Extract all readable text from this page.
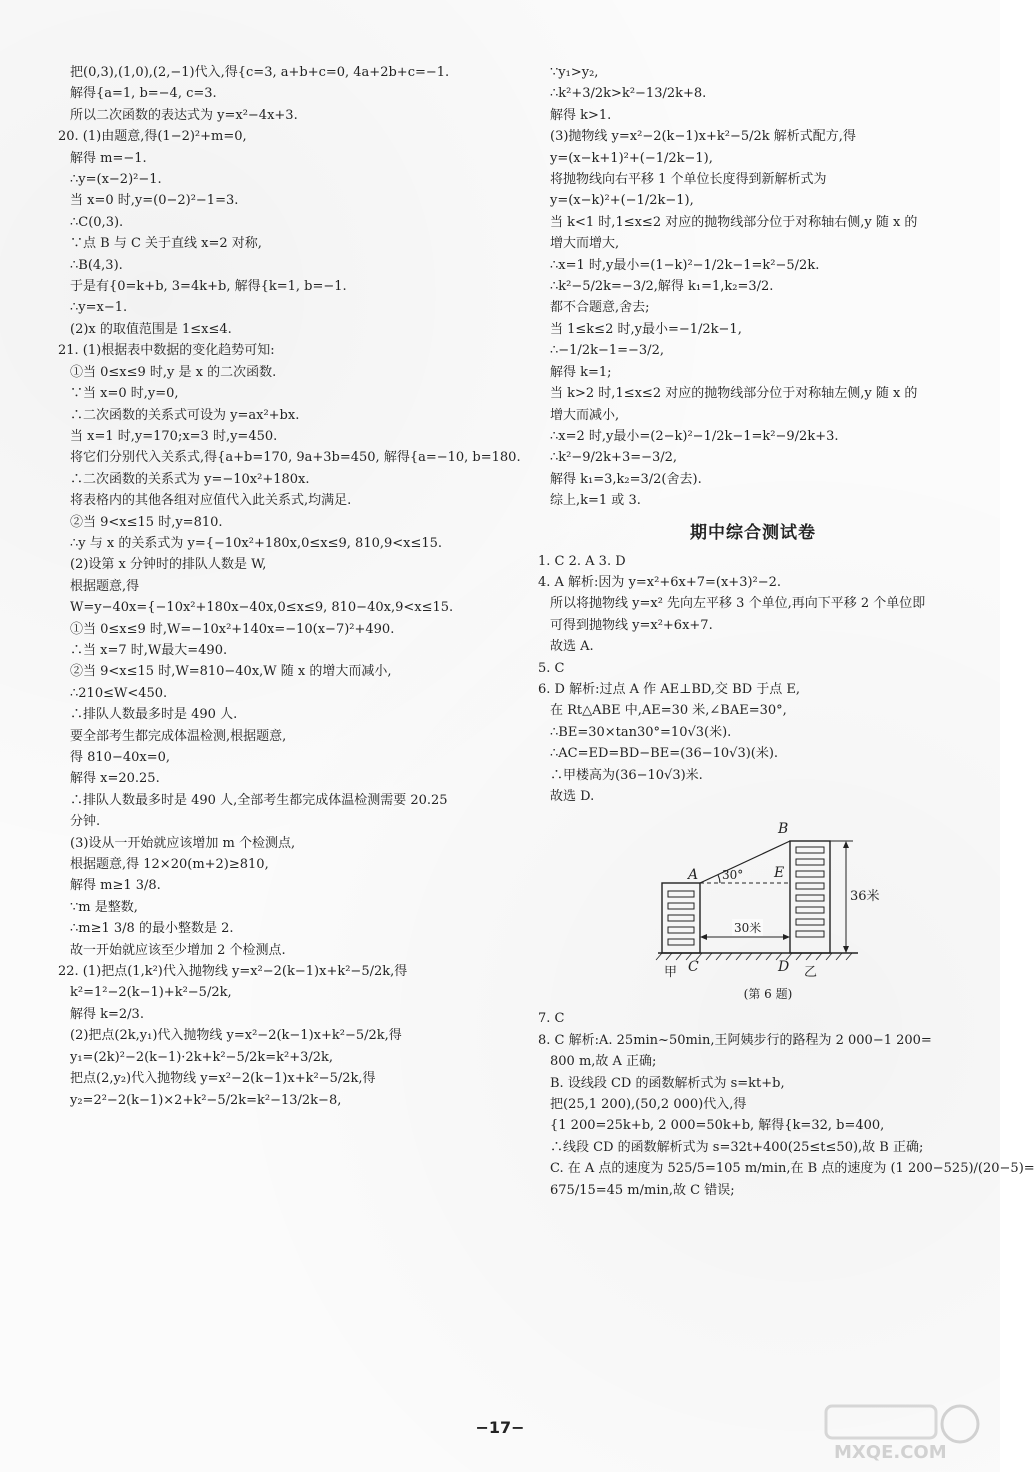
把(0,3),(1,0),(2,−1)代入,得{c=3, a+b+c=0, 4a+2b+c=−1.
解得{a=1, b=−4, c=3.
所以二次函数的表达式为 y=x²−4x+3.
20. (1)由题意,得(1−2)²+m=0,
解得 m=−1.
∴y=(x−2)²−1.
当 x=0 时,y=(0−2)²−1=3.
∴C(0,3).
∵点 B 与 C 关于直线 x=2 对称,
∴B(4,3).
于是有{0=k+b, 3=4k+b, 解得{k=1, b=−1.
∴y=x−1.
(2)x 的取值范围是 1≤x≤4.
21. (1)根据表中数据的变化趋势可知:
①当 0≤x≤9 时,y 是 x 的二次函数.
∵当 x=0 时,y=0,
∴二次函数的关系式可设为 y=ax²+bx.
当 x=1 时,y=170;x=3 时,y=450.
将它们分别代入关系式,得{a+b=170, 9a+3b=450, 解得{a=−10, b=180.
∴二次函数的关系式为 y=−10x²+180x.
将表格内的其他各组对应值代入此关系式,均满足.
②当 9<x≤15 时,y=810.
∴y 与 x 的关系式为 y={−10x²+180x,0≤x≤9, 810,9<x≤15.
(2)设第 x 分钟时的排队人数是 W,
根据题意,得
W=y−40x={−10x²+180x−40x,0≤x≤9, 810−40x,9<x≤15.
①当 0≤x≤9 时,W=−10x²+140x=−10(x−7)²+490.
∴当 x=7 时,W最大=490.
②当 9<x≤15 时,W=810−40x,W 随 x 的增大而减小,
∴210≤W<450.
∴排队人数最多时是 490 人.
要全部考生都完成体温检测,根据题意,
得 810−40x=0,
解得 x=20.25.
∴排队人数最多时是 490 人,全部考生都完成体温检测需要 20.25
分钟.
(3)设从一开始就应该增加 m 个检测点,
根据题意,得 12×20(m+2)≥810,
解得 m≥1 3/8.
∵m 是整数,
∴m≥1 3/8 的最小整数是 2.
故一开始就应该至少增加 2 个检测点.
22. (1)把点(1,k²)代入抛物线 y=x²−2(k−1)x+k²−5/2k,得
k²=1²−2(k−1)+k²−5/2k,
解得 k=2/3.
(2)把点(2k,y₁)代入抛物线 y=x²−2(k−1)x+k²−5/2k,得
y₁=(2k)²−2(k−1)·2k+k²−5/2k=k²+3/2k,
把点(2,y₂)代入抛物线 y=x²−2(k−1)x+k²−5/2k,得
y₂=2²−2(k−1)×2+k²−5/2k=k²−13/2k−8,
∵y₁>y₂,
∴k²+3/2k>k²−13/2k+8.
解得 k>1.
(3)抛物线 y=x²−2(k−1)x+k²−5/2k 解析式配方,得
y=(x−k+1)²+(−1/2k−1),
将抛物线向右平移 1 个单位长度得到新解析式为
y=(x−k)²+(−1/2k−1),
当 k<1 时,1≤x≤2 对应的抛物线部分位于对称轴右侧,y 随 x 的
增大而增大,
∴x=1 时,y最小=(1−k)²−1/2k−1=k²−5/2k.
∴k²−5/2k=−3/2,解得 k₁=1,k₂=3/2.
都不合题意,舍去;
当 1≤k≤2 时,y最小=−1/2k−1,
∴−1/2k−1=−3/2,
解得 k=1;
当 k>2 时,1≤x≤2 对应的抛物线部分位于对称轴左侧,y 随 x 的
增大而减小,
∴x=2 时,y最小=(2−k)²−1/2k−1=k²−9/2k+3.
∴k²−9/2k+3=−3/2,
解得 k₁=3,k₂=3/2(舍去).
综上,k=1 或 3.
期中综合测试卷
1. C 2. A 3. D
4. A 解析:因为 y=x²+6x+7=(x+3)²−2.
所以将抛物线 y=x² 先向左平移 3 个单位,再向下平移 2 个单位即
可得到抛物线 y=x²+6x+7.
故选 A.
5. C
6. D 解析:过点 A 作 AE⊥BD,交 BD 于点 E,
在 Rt△ABE 中,AE=30 米,∠BAE=30°,
∴BE=30×tan30°=10√3(米).
∴AC=ED=BD−BE=(36−10√3)(米).
∴甲楼高为(36−10√3)米.
故选 D.
B
A	E
30°
36米
30米
甲 C	D 乙
(第 6 题)
7. C
8. C 解析:A. 25min~50min,王阿姨步行的路程为 2 000−1 200=
800 m,故 A 正确;
B. 设线段 CD 的函数解析式为 s=kt+b,
把(25,1 200),(50,2 000)代入,得
{1 200=25k+b, 2 000=50k+b, 解得{k=32, b=400,
∴线段 CD 的函数解析式为 s=32t+400(25≤t≤50),故 B 正确;
C. 在 A 点的速度为 525/5=105 m/min,在 B 点的速度为 (1 200−525)/(20−5)=
675/15=45 m/min,故 C 错误;
−17−
MXQE.COM
